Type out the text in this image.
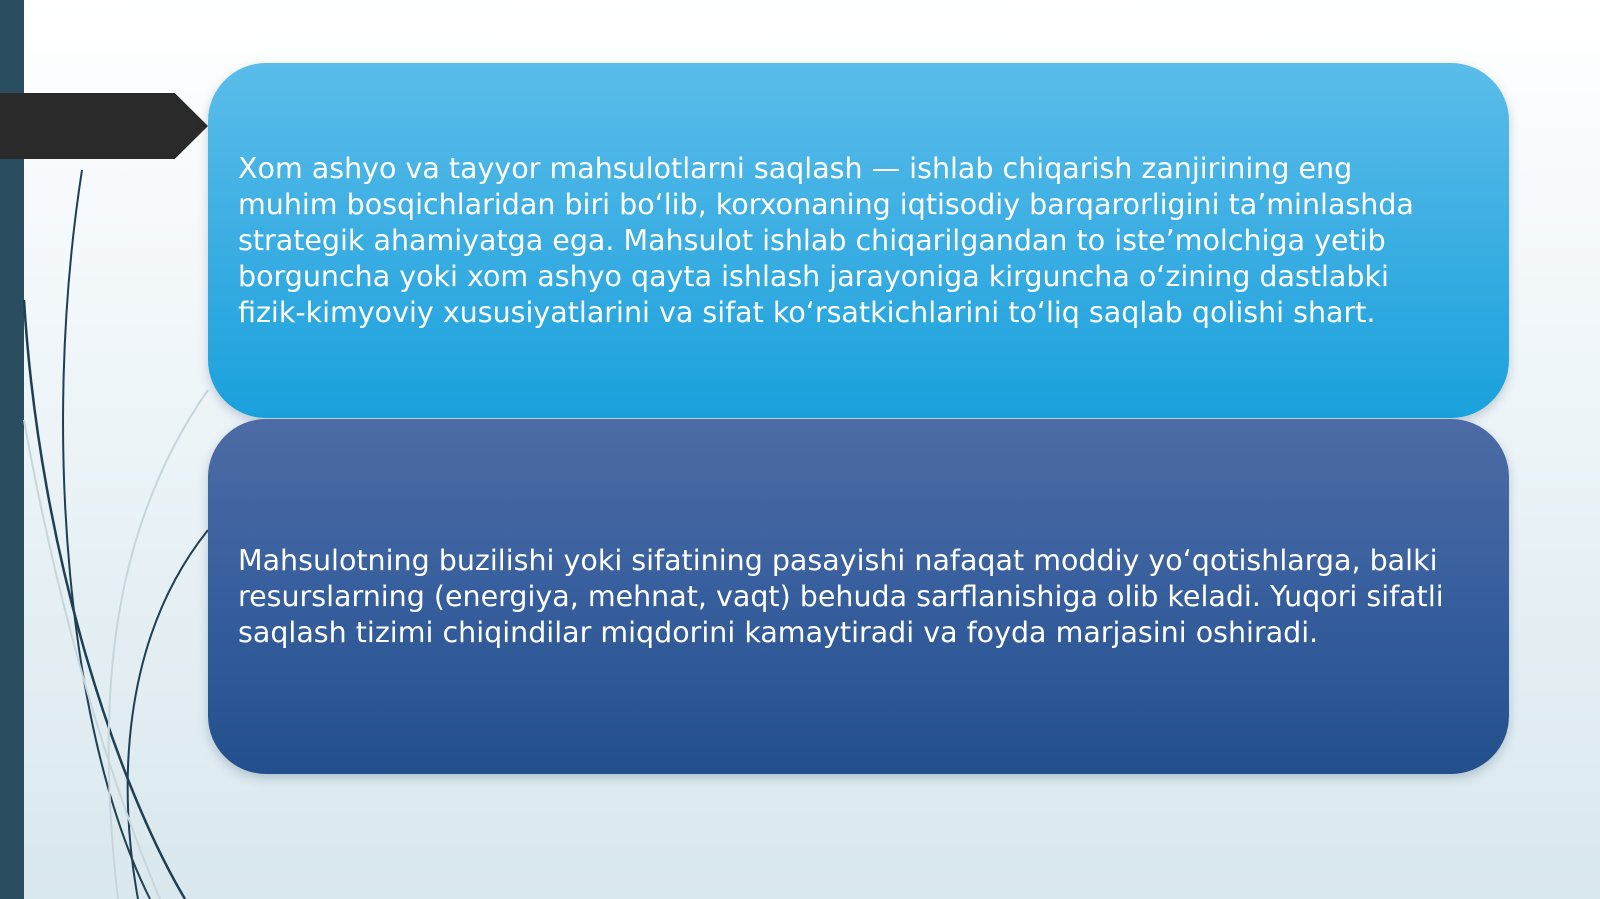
Xom ashyo va tayyor mahsulotlarni saqlash — ishlab chiqarish zanjirining eng muhim bosqichlaridan biri bo‘lib, korxonaning iqtisodiy barqarorligini ta’minlashda strategik ahamiyatga ega. Mahsulot ishlab chiqarilgandan to iste’molchiga yetib borguncha yoki xom ashyo qayta ishlash jarayoniga kirguncha o‘zining dastlabki fizik-kimyoviy xususiyatlarini va sifat ko‘rsatkichlarini to‘liq saqlab qolishi shart.

Mahsulotning buzilishi yoki sifatining pasayishi nafaqat moddiy yo‘qotishlarga, balki resurslarning (energiya, mehnat, vaqt) behuda sarflanishiga olib keladi. Yuqori sifatli saqlash tizimi chiqindilar miqdorini kamaytiradi va foyda marjasini oshiradi.
